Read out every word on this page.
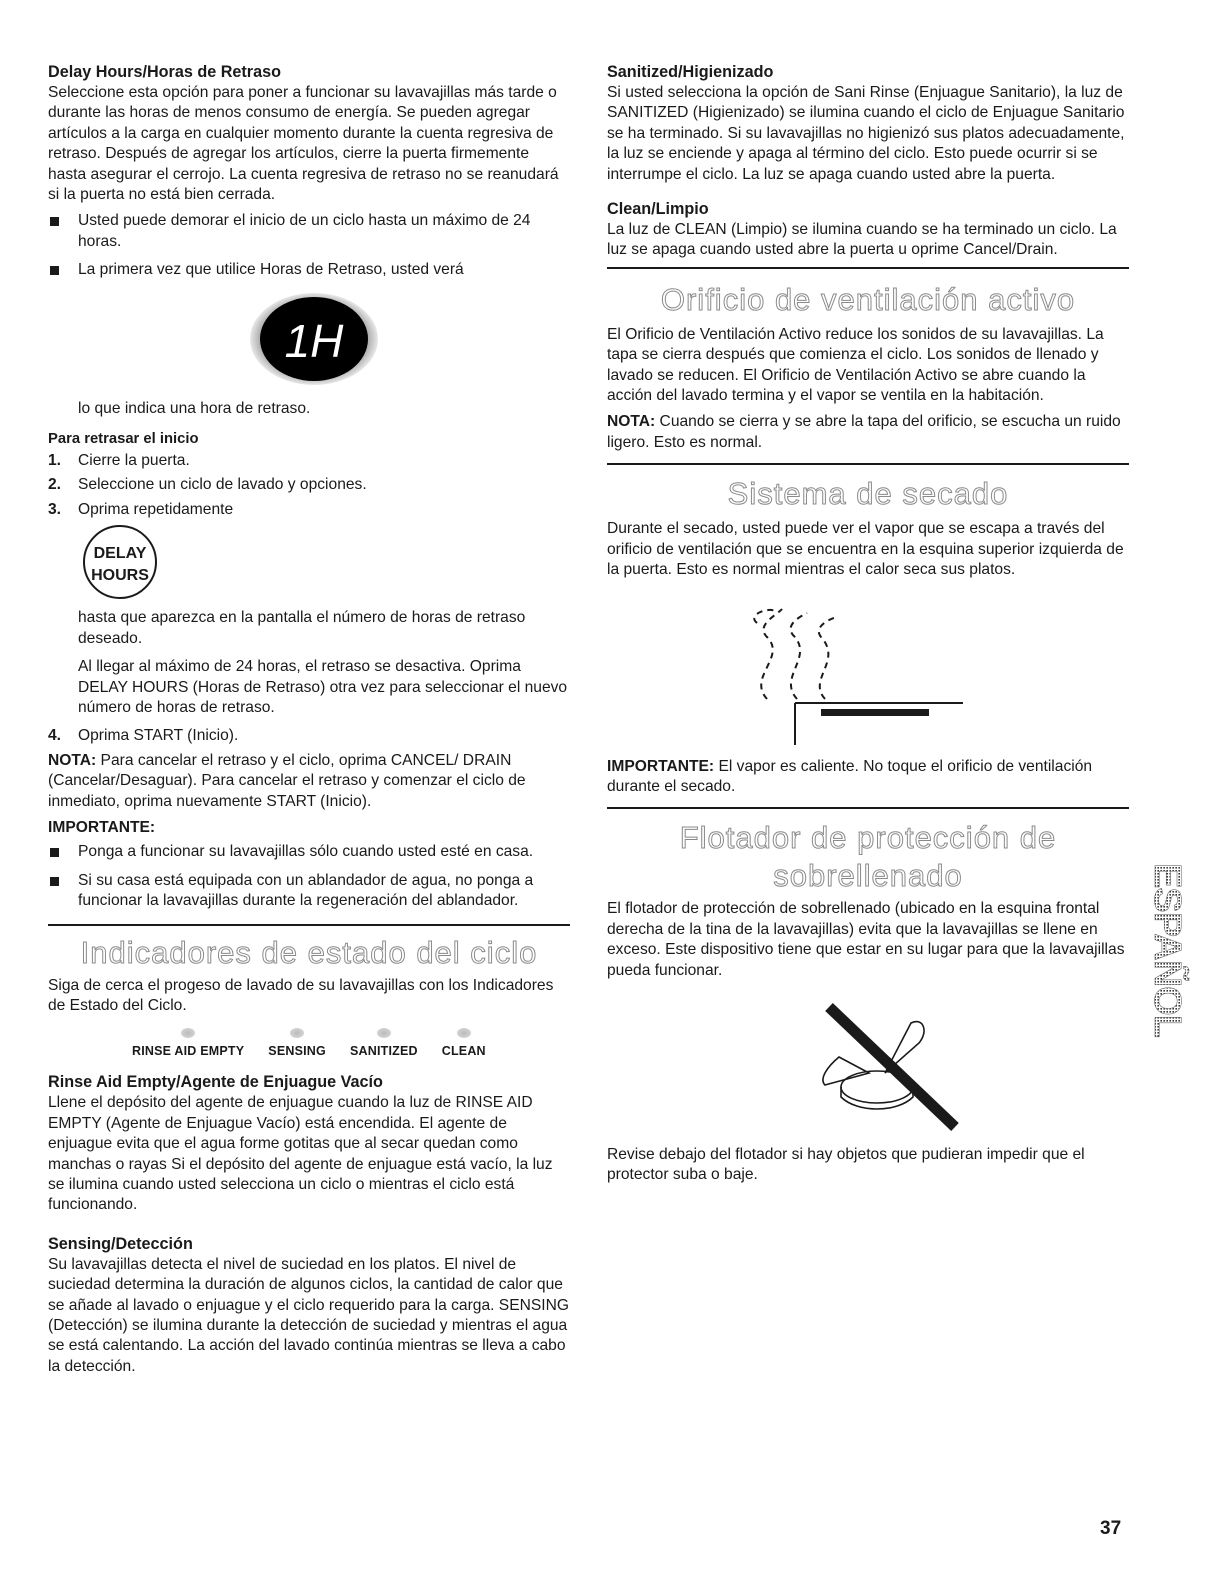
Delay Hours/Horas de Retraso

Seleccione esta opción para poner a funcionar su lavavajillas más tarde o durante las horas de menos consumo de energía. Se pueden agregar artículos a la carga en cualquier momento durante la cuenta regresiva de retraso. Después de agregar los artículos, cierre la puerta firmemente hasta asegurar el cerrojo. La cuenta regresiva de retraso no se reanudará si la puerta no está bien cerrada.

Usted puede demorar el inicio de un ciclo hasta un máximo de 24 horas.
La primera vez que utilice Horas de Retraso, usted verá
1H

lo que indica una hora de retraso.

Para retrasar el inicio
1.	Cierre la puerta.
2.	Seleccione un ciclo de lavado y opciones.
3.	Oprima repetidamente
DELAY
HOURS

hasta que aparezca en la pantalla el número de horas de retraso deseado.

Al llegar al máximo de 24 horas, el retraso se desactiva. Oprima DELAY HOURS (Horas de Retraso) otra vez para seleccionar el nuevo número de horas de retraso.

4.	Oprima START (Inicio).

NOTA: Para cancelar el retraso y el ciclo, oprima CANCEL/ DRAIN (Cancelar/Desaguar). Para cancelar el retraso y comenzar el ciclo de inmediato, oprima nuevamente START (Inicio).

IMPORTANTE:

Ponga a funcionar su lavavajillas sólo cuando usted esté en casa.
Si su casa está equipada con un ablandador de agua, no ponga a funcionar la lavavajillas durante la regeneración del ablandador.
Indicadores de estado del ciclo

Siga de cerca el progeso de lavado de su lavavajillas con los Indicadores de Estado del Ciclo.

RINSE AID EMPTY SENSING SANITIZED CLEAN
Rinse Aid Empty/Agente de Enjuague Vacío

Llene el depósito del agente de enjuague cuando la luz de RINSE AID EMPTY (Agente de Enjuague Vacío) está encendida. El agente de enjuague evita que el agua forme gotitas que al secar quedan como manchas o rayas Si el depósito del agente de enjuague está vacío, la luz se ilumina cuando usted selecciona un ciclo o mientras el ciclo está funcionando.

Sensing/Detección

Su lavavajillas detecta el nivel de suciedad en los platos. El nivel de suciedad determina la duración de algunos ciclos, la cantidad de calor que se añade al lavado o enjuague y el ciclo requerido para la carga. SENSING (Detección) se ilumina durante la detección de suciedad y mientras el agua se está calentando. La acción del lavado continúa mientras se lleva a cabo la detección.

Sanitized/Higienizado

Si usted selecciona la opción de Sani Rinse (Enjuague Sanitario), la luz de SANITIZED (Higienizado) se ilumina cuando el ciclo de Enjuague Sanitario se ha terminado. Si su lavavajillas no higienizó sus platos adecuadamente, la luz se enciende y apaga al término del ciclo. Esto puede ocurrir si se interrumpe el ciclo. La luz se apaga cuando usted abre la puerta.

Clean/Limpio

La luz de CLEAN (Limpio) se ilumina cuando se ha terminado un ciclo. La luz se apaga cuando usted abre la puerta u oprime Cancel/Drain.

Orificio de ventilación activo

El Orificio de Ventilación Activo reduce los sonidos de su lavavajillas. La tapa se cierra después que comienza el ciclo. Los sonidos de llenado y lavado se reducen. El Orificio de Ventilación Activo se abre cuando la acción del lavado termina y el vapor se ventila en la habitación.

NOTA: Cuando se cierra y se abre la tapa del orificio, se escucha un ruido ligero. Esto es normal.

Sistema de secado

Durante el secado, usted puede ver el vapor que se escapa a través del orificio de ventilación que se encuentra en la esquina superior izquierda de la puerta. Esto es normal mientras el calor seca sus platos.

IMPORTANTE: El vapor es caliente. No toque el orificio de ventilación durante el secado.

Flotador de protección de
sobrellenado

El flotador de protección de sobrellenado (ubicado en la esquina frontal derecha de la tina de la lavavajillas) evita que la lavavajillas se llene en exceso. Este dispositivo tiene que estar en su lugar para que la lavavajillas pueda funcionar.

Revise debajo del flotador si hay objetos que pudieran impedir que el protector suba o baje.

ESPAÑOL
37
